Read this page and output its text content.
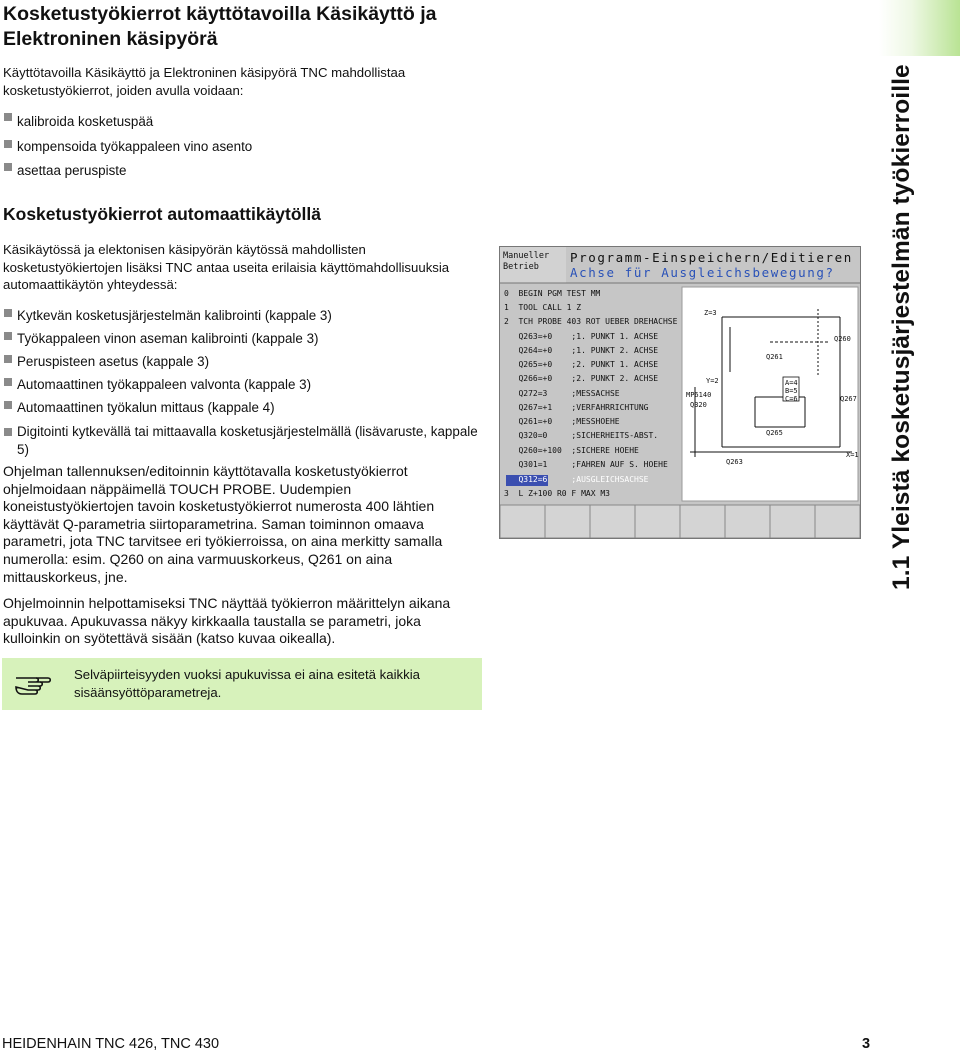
Kosketustyökierrot käyttötavoilla Käsikäyttö ja Elektroninen käsipyörä

Käyttötavoilla Käsikäyttö ja Elektroninen käsipyörä TNC mahdollistaa kosketustyökierrot, joiden avulla voidaan:

kalibroida kosketuspää
kompensoida työkappaleen vino asento
asettaa peruspiste
Kosketustyökierrot automaattikäytöllä

Käsikäytössä ja elektonisen käsipyörän käytössä mahdollisten kosketustyökiertojen lisäksi TNC antaa useita erilaisia käyttömahdollisuuksia automaattikäytön yhteydessä:

Kytkevän kosketusjärjestelmän kalibrointi (kappale 3)
Työkappaleen vinon aseman kalibrointi (kappale 3)
Peruspisteen asetus (kappale 3)
Automaattinen työkappaleen valvonta (kappale 3)
Automaattinen työkalun mittaus (kappale 4)
Digitointi kytkevällä tai mittaavalla kosketusjärjestelmällä (lisävaruste, kappale 5)

Ohjelman tallennuksen/editoinnin käyttötavalla kosketustyökierrot ohjelmoidaan näppäimellä TOUCH PROBE. Uudempien koneistustyökiertojen tavoin kosketustyökierrot numerosta 400 lähtien käyttävät Q-parametria siirtoparametrina. Saman toiminnon omaava parametri, jota TNC tarvitsee eri työkierroissa, on aina merkitty samalla numerolla: esim. Q260 on aina varmuuskorkeus, Q261 on aina mittauskorkeus, jne.

Ohjelmoinnin helpottamiseksi TNC näyttää työkierron määrittelyn aikana apukuvaa. Apukuvassa näkyy kirkkaalla taustalla se parametri, joka kulloinkin on syötettävä sisään (katso kuvaa oikealla).

Selväpiirteisyyden vuoksi apukuvissa ei aina esitetä kaikkia sisäänsyöttöparametreja.
Manueller
Betrieb
Programm-Einspeichern/Editieren
Achse für Ausgleichsbewegung?
0  BEGIN PGM TEST MM
1  TOOL CALL 1 Z
2  TCH PROBE 403 ROT UEBER DREHACHSE
Q263=+0    ;1. PUNKT 1. ACHSE
Q264=+0    ;1. PUNKT 2. ACHSE
Q265=+0    ;2. PUNKT 1. ACHSE
Q266=+0    ;2. PUNKT 2. ACHSE
Q272=3     ;MESSACHSE
Q267=+1    ;VERFAHRRICHTUNG
Q261=+0    ;MESSHOEHE
Q320=0     ;SICHERHEITS-ABST.
Q260=+100  ;SICHERE HOEHE
Q301=1     ;FAHREN AUF S. HOEHE
Q312=6     ;AUSGLEICHSACHSE
3  L Z+100 R0 F MAX M3
Z=3
Q260
Q261
Y=2
MP6140
Q320
A=4
B=5
C=6	Q267
Q265
X=1
Q263	1.1 Yleistä kosketusjärjestelmän työkierroille
HEIDENHAIN TNC 426, TNC 430	3
